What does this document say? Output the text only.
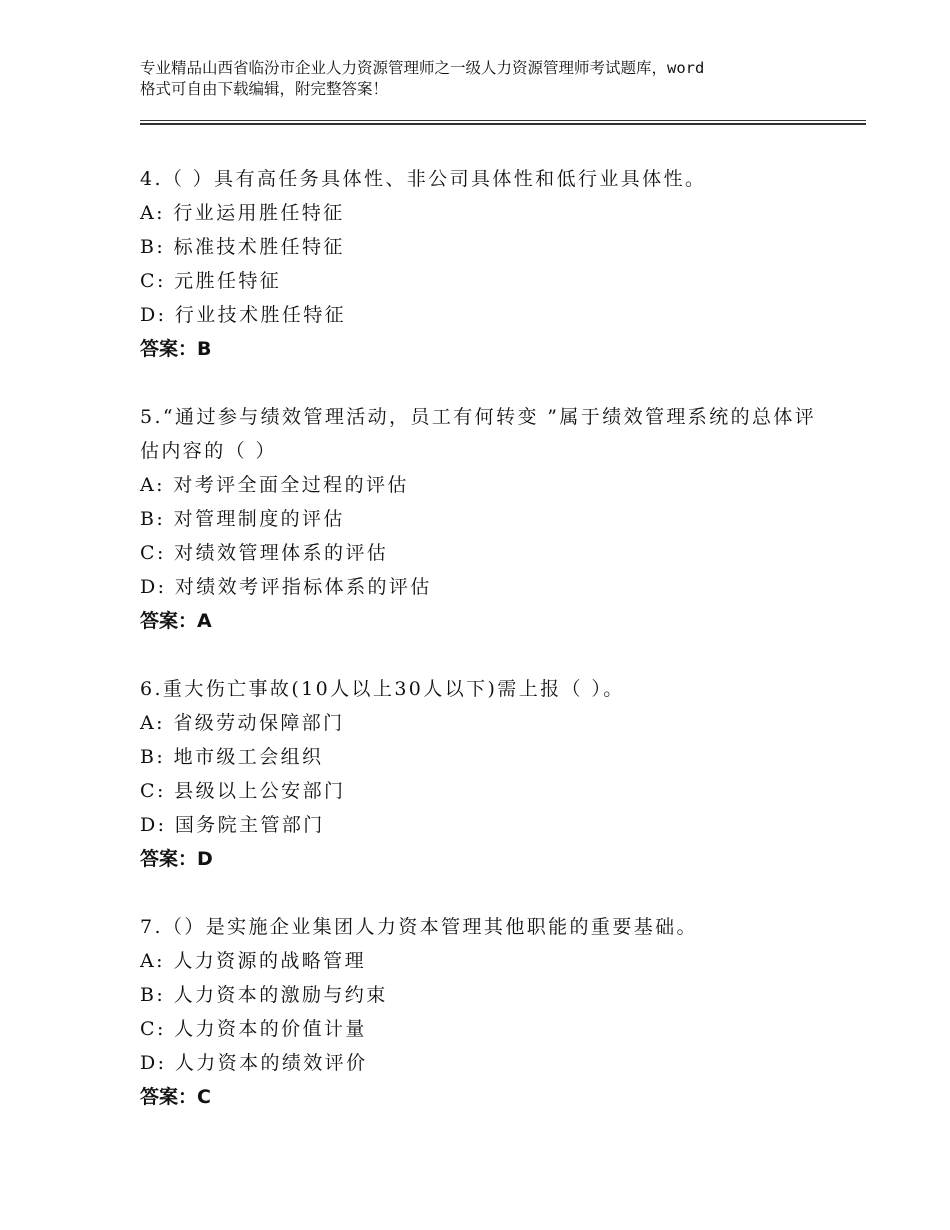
专业精品山西省临汾市企业人力资源管理师之一级人力资源管理师考试题库，word
格式可自由下载编辑，附完整答案！
4.（ ）具有高任务具体性、非公司具体性和低行业具体性。
A: 行业运用胜任特征
B: 标准技术胜任特征
C: 元胜任特征
D: 行业技术胜任特征
答案：B
5.“通过参与绩效管理活动，员工有何转变 ”属于绩效管理系统的总体评估内容的（ ）
A: 对考评全面全过程的评估
B: 对管理制度的评估
C: 对绩效管理体系的评估
D: 对绩效考评指标体系的评估
答案：A
6.重大伤亡事故(10人以上30人以下)需上报（ ）。
A: 省级劳动保障部门
B: 地市级工会组织
C: 县级以上公安部门
D: 国务院主管部门
答案：D
7.（）是实施企业集团人力资本管理其他职能的重要基础。
A: 人力资源的战略管理
B: 人力资本的激励与约束
C: 人力资本的价值计量
D: 人力资本的绩效评价
答案：C
